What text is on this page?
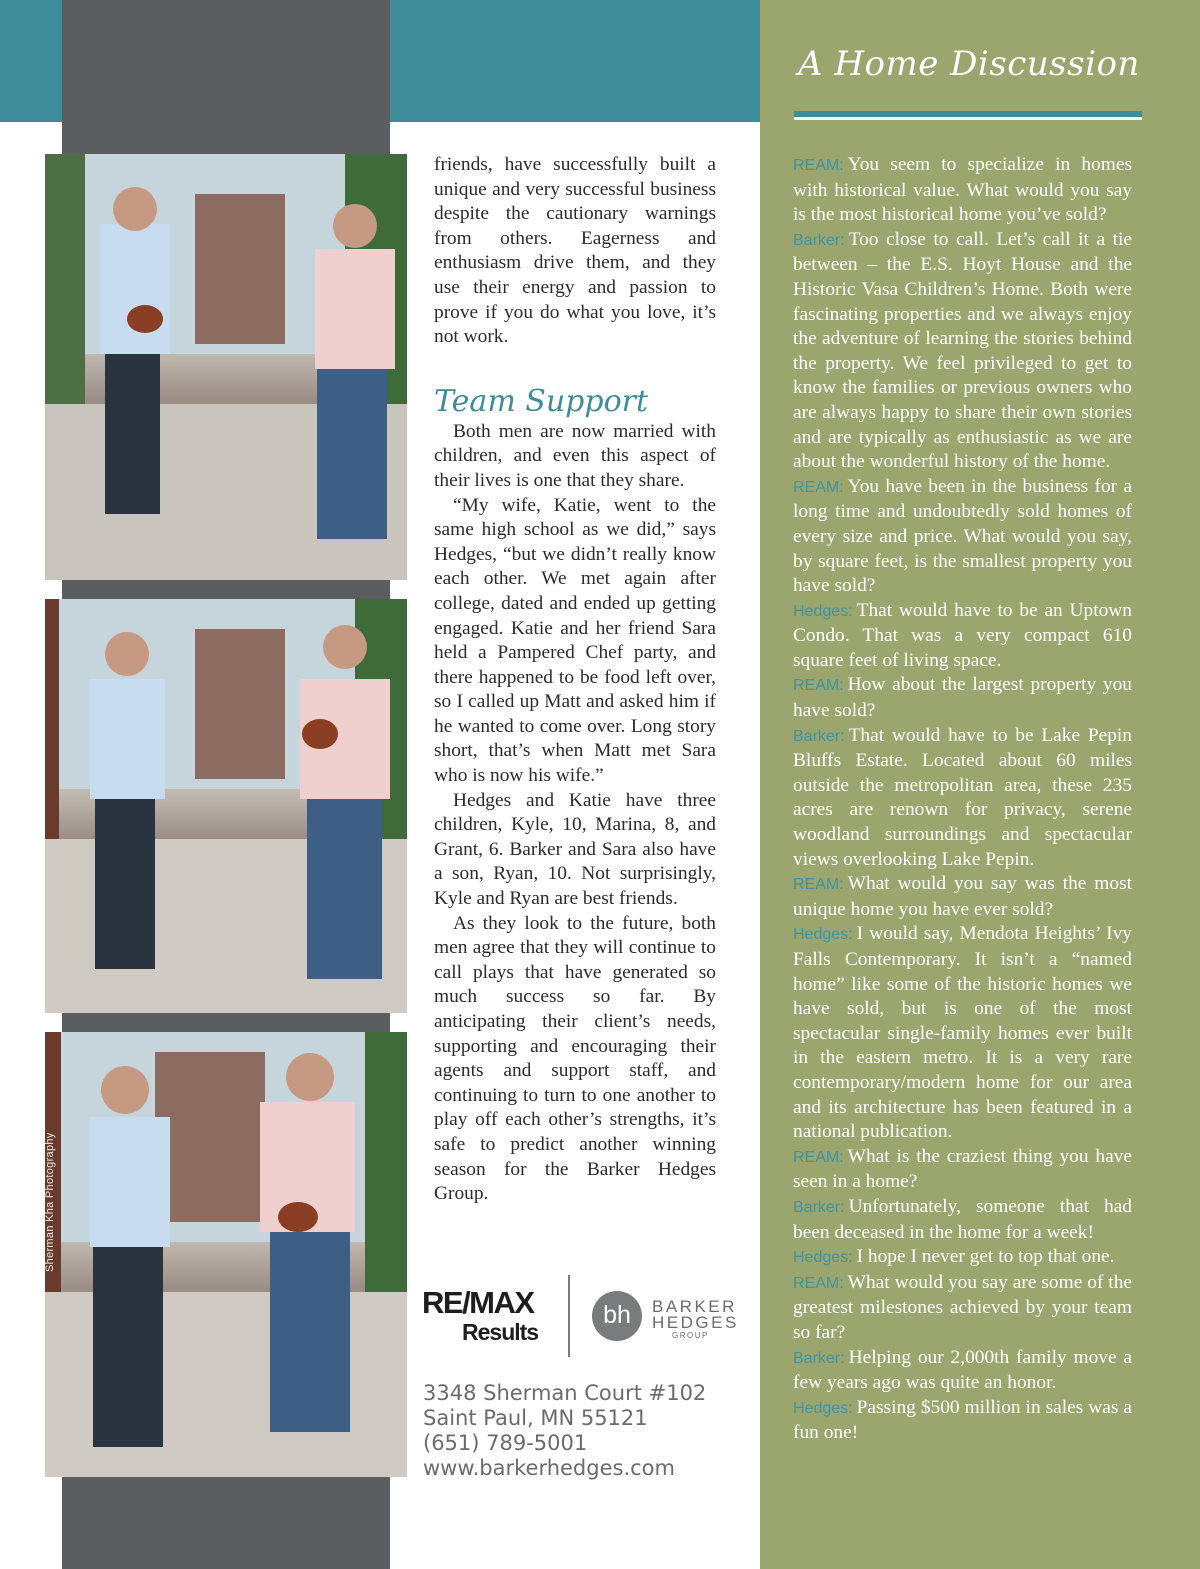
A Home Discussion
Sherman Kha Photography

friends, have successfully built a unique and very successful business despite the cautionary warnings from others. Eagerness and enthusiasm drive them, and they use their energy and passion to prove if you do what you love, it’s not work.

Team Support

Both men are now married with children, and even this aspect of their lives is one that they share.

“My wife, Katie, went to the same high school as we did,” says Hedges, “but we didn’t really know each other. We met again after college, dated and ended up getting engaged. Katie and her friend Sara held a Pampered Chef party, and there happened to be food left over, so I called up Matt and asked him if he wanted to come over. Long story short, that’s when Matt met Sara who is now his wife.”

Hedges and Katie have three children, Kyle, 10, Marina, 8, and Grant, 6. Barker and Sara also have a son, Ryan, 10. Not surprisingly, Kyle and Ryan are best friends.

As they look to the future, both men agree that they will continue to call plays that have generated so much success so far. By anticipating their client’s needs, supporting and encouraging their agents and support staff, and continuing to turn to one another to play off each other’s strengths, it’s safe to predict another winning season for the Barker Hedges Group.

RE/MAX
Results
bh	BARKER
HEDGES
GROUP
3348 Sherman Court #102
Saint Paul, MN 55121
(651) 789-5001
www.barkerhedges.com

REAM: You seem to specialize in homes with historical value. What would you say is the most historical home you’ve sold?

Barker: Too close to call. Let’s call it a tie between – the E.S. Hoyt House and the Historic Vasa Children’s Home. Both were fascinating properties and we always enjoy the adventure of learning the stories behind the property. We feel privileged to get to know the families or previous owners who are always happy to share their own stories and are typically as enthusiastic as we are about the wonderful history of the home.

REAM: You have been in the business for a long time and undoubtedly sold homes of every size and price. What would you say, by square feet, is the smallest property you have sold?

Hedges: That would have to be an Uptown Condo. That was a very compact 610 square feet of living space.

REAM: How about the largest property you have sold?

Barker: That would have to be Lake Pepin Bluffs Estate. Located about 60 miles outside the metropolitan area, these 235 acres are renown for privacy, serene woodland surroundings and spectacular views overlooking Lake Pepin.

REAM: What would you say was the most unique home you have ever sold?

Hedges: I would say, Mendota Heights’ Ivy Falls Contemporary. It isn’t a “named home” like some of the historic homes we have sold, but is one of the most spectacular single-family homes ever built in the eastern metro. It is a very rare contemporary/modern home for our area and its architecture has been featured in a national publication.

REAM: What is the craziest thing you have seen in a home?

Barker: Unfortunately, someone that had been deceased in the home for a week!

Hedges: I hope I never get to top that one.

REAM: What would you say are some of the greatest milestones achieved by your team so far?

Barker: Helping our 2,000th family move a few years ago was quite an honor.

Hedges: Passing $500 million in sales was a fun one!
